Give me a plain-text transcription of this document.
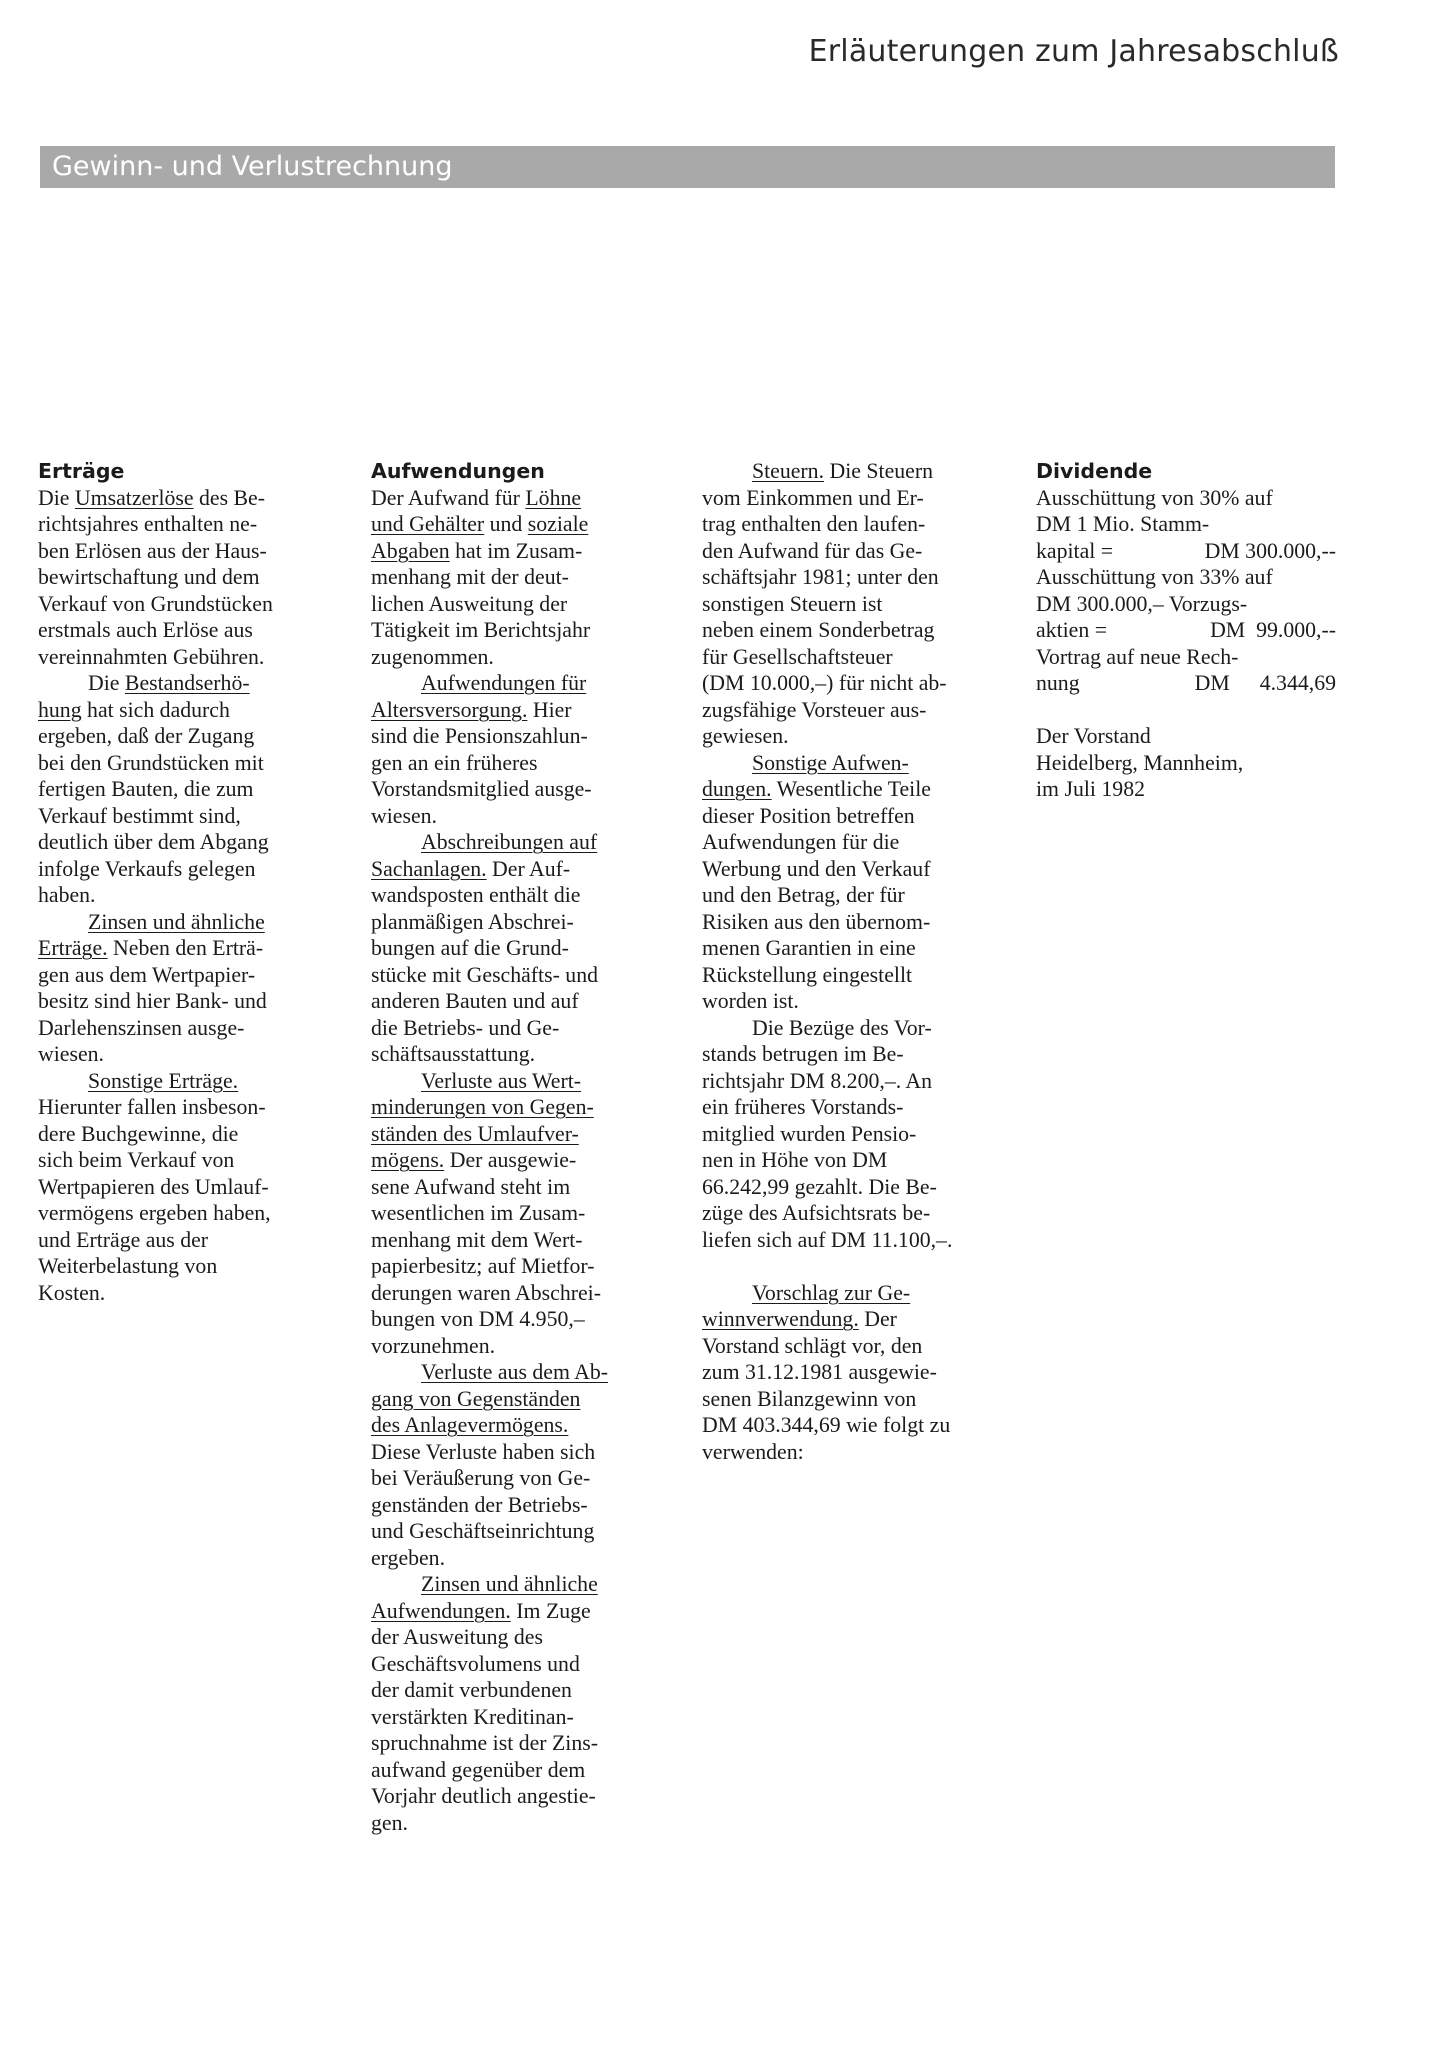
Erläuterungen zum Jahresabschluß
Gewinn- und Verlustrechnung
Erträge
Die Umsatzerlöse des Be-
richtsjahres enthalten ne-
ben Erlösen aus der Haus-
bewirtschaftung und dem
Verkauf von Grundstücken
erstmals auch Erlöse aus
vereinnahmten Gebühren.
Die Bestandserhö-
hung hat sich dadurch
ergeben, daß der Zugang
bei den Grundstücken mit
fertigen Bauten, die zum
Verkauf bestimmt sind,
deutlich über dem Abgang
infolge Verkaufs gelegen
haben.
Zinsen und ähnliche
Erträge. Neben den Erträ-
gen aus dem Wertpapier-
besitz sind hier Bank- und
Darlehenszinsen ausge-
wiesen.
Sonstige Erträge.
Hierunter fallen insbeson-
dere Buchgewinne, die
sich beim Verkauf von
Wertpapieren des Umlauf-
vermögens ergeben haben,
und Erträge aus der
Weiterbelastung von
Kosten.
Aufwendungen
Der Aufwand für Löhne
und Gehälter und soziale
Abgaben hat im Zusam-
menhang mit der deut-
lichen Ausweitung der
Tätigkeit im Berichtsjahr
zugenommen.
Aufwendungen für
Altersversorgung. Hier
sind die Pensionszahlun-
gen an ein früheres
Vorstandsmitglied ausge-
wiesen.
Abschreibungen auf
Sachanlagen. Der Auf-
wandsposten enthält die
planmäßigen Abschrei-
bungen auf die Grund-
stücke mit Geschäfts- und
anderen Bauten und auf
die Betriebs- und Ge-
schäftsausstattung.
Verluste aus Wert-
minderungen von Gegen-
ständen des Umlaufver-
mögens. Der ausgewie-
sene Aufwand steht im
wesentlichen im Zusam-
menhang mit dem Wert-
papierbesitz; auf Mietfor-
derungen waren Abschrei-
bungen von DM 4.950,–
vorzunehmen.
Verluste aus dem Ab-
gang von Gegenständen
des Anlagevermögens.
Diese Verluste haben sich
bei Veräußerung von Ge-
genständen der Betriebs-
und Geschäftseinrichtung
ergeben.
Zinsen und ähnliche
Aufwendungen. Im Zuge
der Ausweitung des
Geschäftsvolumens und
der damit verbundenen
verstärkten Kreditinan-
spruchnahme ist der Zins-
aufwand gegenüber dem
Vorjahr deutlich angestie-
gen.
Steuern. Die Steuern
vom Einkommen und Er-
trag enthalten den laufen-
den Aufwand für das Ge-
schäftsjahr 1981; unter den
sonstigen Steuern ist
neben einem Sonderbetrag
für Gesellschaftsteuer
(DM 10.000,–) für nicht ab-
zugsfähige Vorsteuer aus-
gewiesen.
Sonstige Aufwen-
dungen. Wesentliche Teile
dieser Position betreffen
Aufwendungen für die
Werbung und den Verkauf
und den Betrag, der für
Risiken aus den übernom-
menen Garantien in eine
Rückstellung eingestellt
worden ist.
Die Bezüge des Vor-
stands betrugen im Be-
richtsjahr DM 8.200,–. An
ein früheres Vorstands-
mitglied wurden Pensio-
nen in Höhe von DM
66.242,99 gezahlt. Die Be-
züge des Aufsichtsrats be-
liefen sich auf DM 11.100,–.
Vorschlag zur Ge-
winnverwendung. Der
Vorstand schlägt vor, den
zum 31.12.1981 ausgewie-
senen Bilanzgewinn von
DM 403.344,69 wie folgt zu
verwenden:
Dividende
Ausschüttung von 30% auf
DM 1 Mio. Stamm-
kapital =	DM 300.000,--
Ausschüttung von 33% auf
DM 300.000,– Vorzugs-
aktien =	DM  99.000,--
Vortrag auf neue Rech-
nung	DM 4.344,69
Der Vorstand
Heidelberg, Mannheim,
im Juli 1982
